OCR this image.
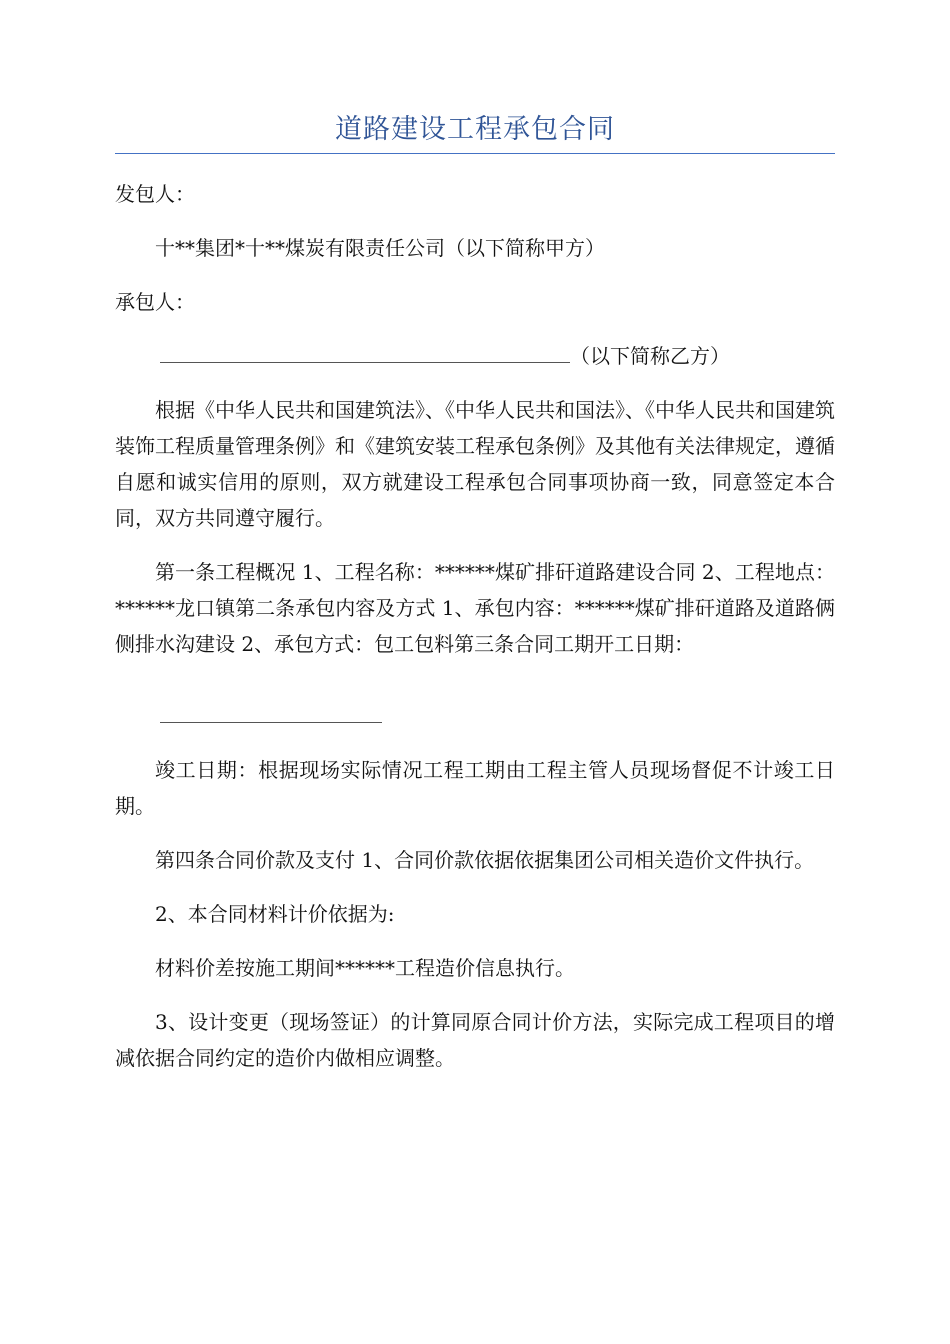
道路建设工程承包合同

发包人：

十**集团*十**煤炭有限责任公司（以下简称甲方）

承包人：

（以下简称乙方）

根据《中华人民共和国建筑法》、《中华人民共和国法》、《中华人民共和国建筑装饰工程质量管理条例》和《建筑安装工程承包条例》及其他有关法律规定，遵循自愿和诚实信用的原则，双方就建设工程承包合同事项协商一致，同意签定本合同，双方共同遵守履行。

第一条工程概况 1、工程名称：******煤矿排矸道路建设合同 2、工程地点：******龙口镇第二条承包内容及方式 1、承包内容：******煤矿排矸道路及道路俩侧排水沟建设 2、承包方式：包工包料第三条合同工期开工日期：

竣工日期：根据现场实际情况工程工期由工程主管人员现场督促不计竣工日期。

第四条合同价款及支付 1、合同价款依据依据集团公司相关造价文件执行。

2、本合同材料计价依据为:

材料价差按施工期间******工程造价信息执行。

3、设计变更（现场签证）的计算同原合同计价方法，实际完成工程项目的增减依据合同约定的造价内做相应调整。
